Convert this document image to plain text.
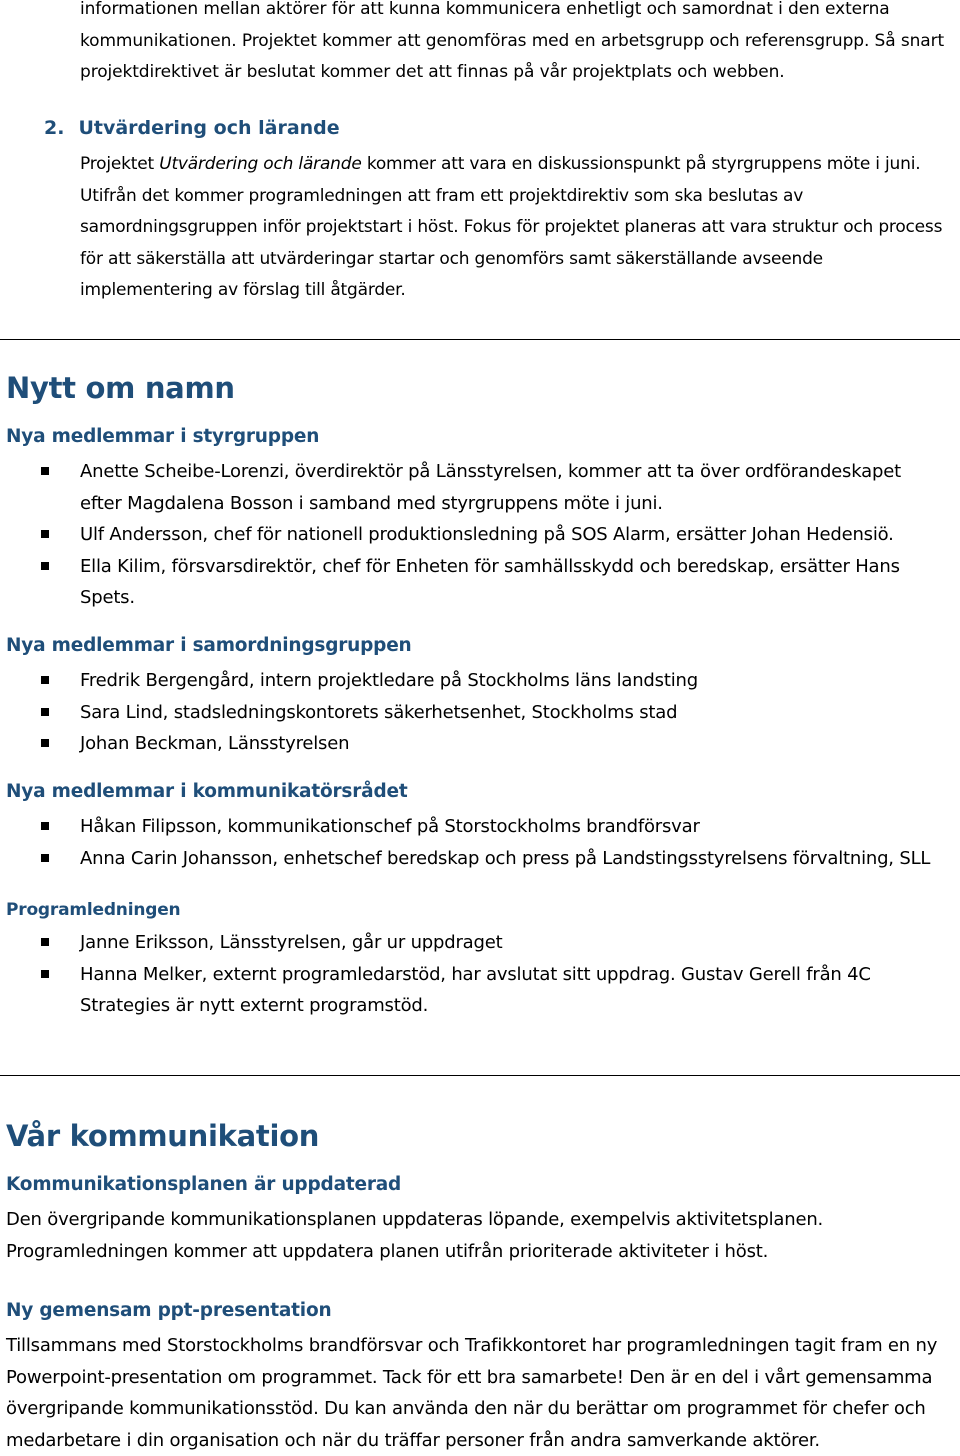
informationen mellan aktörer för att kunna kommunicera enhetligt och samordnat i den externa kommunikationen. Projektet kommer att genomföras med en arbetsgrupp och referensgrupp. Så snart projektdirektivet är beslutat kommer det att finnas på vår projektplats och webben.

2. Utvärdering och lärande

Projektet Utvärdering och lärande kommer att vara en diskussionspunkt på styrgruppens möte i juni. Utifrån det kommer programledningen att fram ett projektdirektiv som ska beslutas av samordningsgruppen inför projektstart i höst. Fokus för projektet planeras att vara struktur och process för att säkerställa att utvärderingar startar och genomförs samt säkerställande avseende implementering av förslag till åtgärder.

Nytt om namn
Nya medlemmar i styrgruppen
Anette Scheibe-Lorenzi, överdirektör på Länsstyrelsen, kommer att ta över ordförandeskapet efter Magdalena Bosson i samband med styrgruppens möte i juni.
Ulf Andersson, chef för nationell produktionsledning på SOS Alarm, ersätter Johan Hedensiö.
Ella Kilim, försvarsdirektör, chef för Enheten för samhällsskydd och beredskap, ersätter Hans Spets.
Nya medlemmar i samordningsgruppen
Fredrik Bergengård, intern projektledare på Stockholms läns landsting
Sara Lind, stadsledningskontorets säkerhetsenhet, Stockholms stad
Johan Beckman, Länsstyrelsen
Nya medlemmar i kommunikatörsrådet
Håkan Filipsson, kommunikationschef på Storstockholms brandförsvar
Anna Carin Johansson, enhetschef beredskap och press på Landstingsstyrelsens förvaltning, SLL
Programledningen
Janne Eriksson, Länsstyrelsen, går ur uppdraget
Hanna Melker, externt programledarstöd, har avslutat sitt uppdrag. Gustav Gerell från 4C Strategies är nytt externt programstöd.
Vår kommunikation
Kommunikationsplanen är uppdaterad

Den övergripande kommunikationsplanen uppdateras löpande, exempelvis aktivitetsplanen. Programledningen kommer att uppdatera planen utifrån prioriterade aktiviteter i höst.

Ny gemensam ppt-presentation

Tillsammans med Storstockholms brandförsvar och Trafikkontoret har programledningen tagit fram en ny Powerpoint-presentation om programmet. Tack för ett bra samarbete! Den är en del i vårt gemensamma övergripande kommunikationsstöd. Du kan använda den när du berättar om programmet för chefer och medarbetare i din organisation och när du träffar personer från andra samverkande aktörer.
